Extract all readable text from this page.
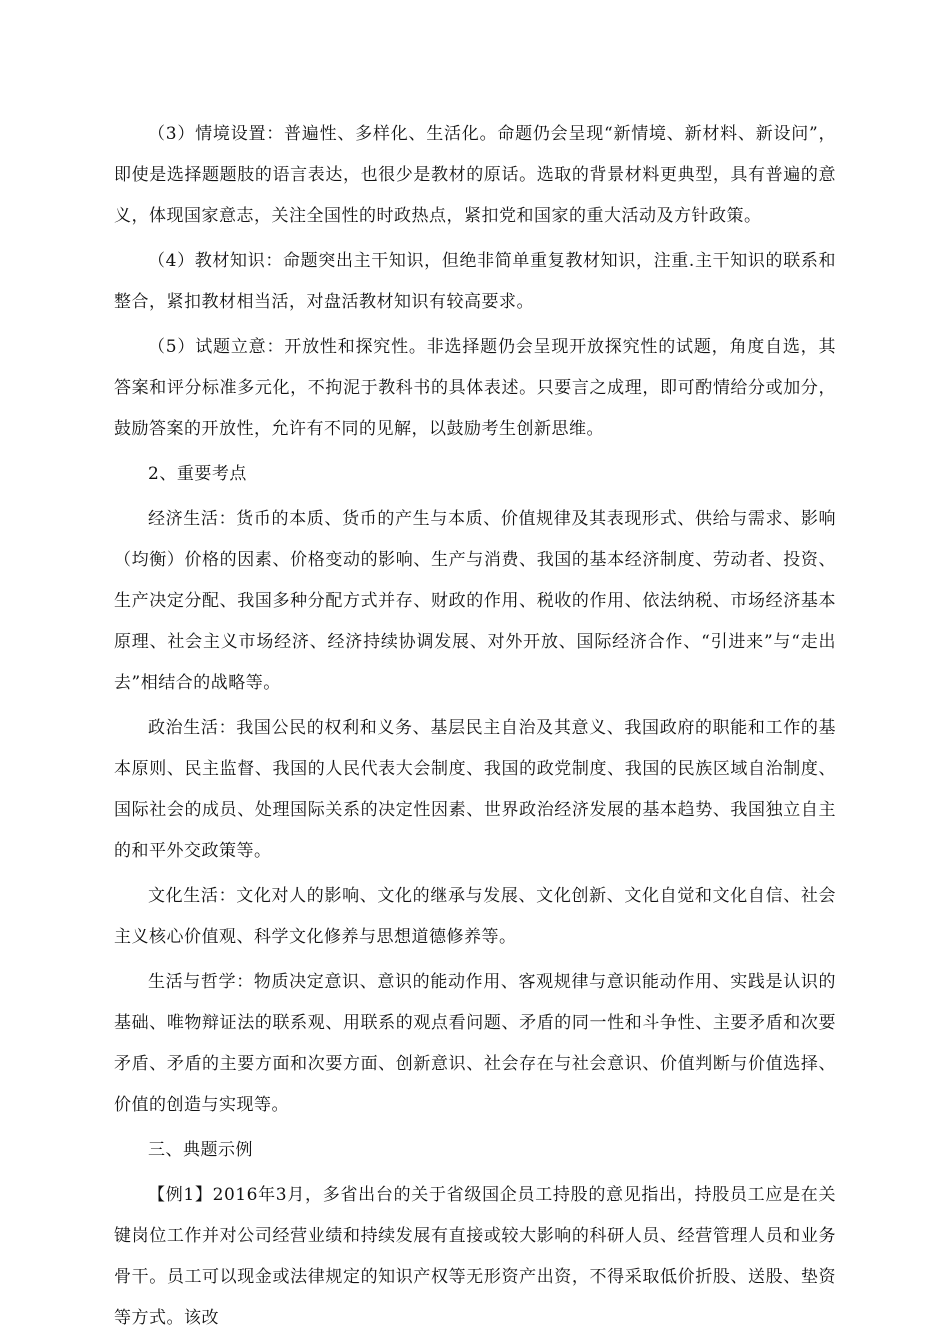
（3）情境设置：普遍性、多样化、生活化。命题仍会呈现“新情境、新材料、新设问”，即使是选择题题肢的语言表达，也很少是教材的原话。选取的背景材料更典型，具有普遍的意义，体现国家意志，关注全国性的时政热点，紧扣党和国家的重大活动及方针政策。

（4）教材知识：命题突出主干知识，但绝非简单重复教材知识，注重.主干知识的联系和整合，紧扣教材相当活，对盘活教材知识有较高要求。

（5）试题立意：开放性和探究性。非选择题仍会呈现开放探究性的试题，角度自选，其答案和评分标准多元化，不拘泥于教科书的具体表述。只要言之成理，即可酌情给分或加分，鼓励答案的开放性，允许有不同的见解，以鼓励考生创新思维。

2、重要考点

经济生活：货币的本质、货币的产生与本质、价值规律及其表现形式、供给与需求、影响（均衡）价格的因素、价格变动的影响、生产与消费、我国的基本经济制度、劳动者、投资、生产决定分配、我国多种分配方式并存、财政的作用、税收的作用、依法纳税、市场经济基本原理、社会主义市场经济、经济持续协调发展、对外开放、国际经济合作、“引进来”与“走出去”相结合的战略等。

政治生活：我国公民的权利和义务、基层民主自治及其意义、我国政府的职能和工作的基本原则、民主监督、我国的人民代表大会制度、我国的政党制度、我国的民族区域自治制度、国际社会的成员、处理国际关系的决定性因素、世界政治经济发展的基本趋势、我国独立自主的和平外交政策等。

文化生活：文化对人的影响、文化的继承与发展、文化创新、文化自觉和文化自信、社会主义核心价值观、科学文化修养与思想道德修养等。

生活与哲学：物质决定意识、意识的能动作用、客观规律与意识能动作用、实践是认识的基础、唯物辩证法的联系观、用联系的观点看问题、矛盾的同一性和斗争性、主要矛盾和次要矛盾、矛盾的主要方面和次要方面、创新意识、社会存在与社会意识、价值判断与价值选择、价值的创造与实现等。

三、典题示例

【例1】2016年3月，多省出台的关于省级国企员工持股的意见指出，持股员工应是在关键岗位工作并对公司经营业绩和持续发展有直接或较大影响的科研人员、经营管理人员和业务骨干。员工可以现金或法律规定的知识产权等无形资产出资，不得采取低价折股、送股、垫资等方式。该改
